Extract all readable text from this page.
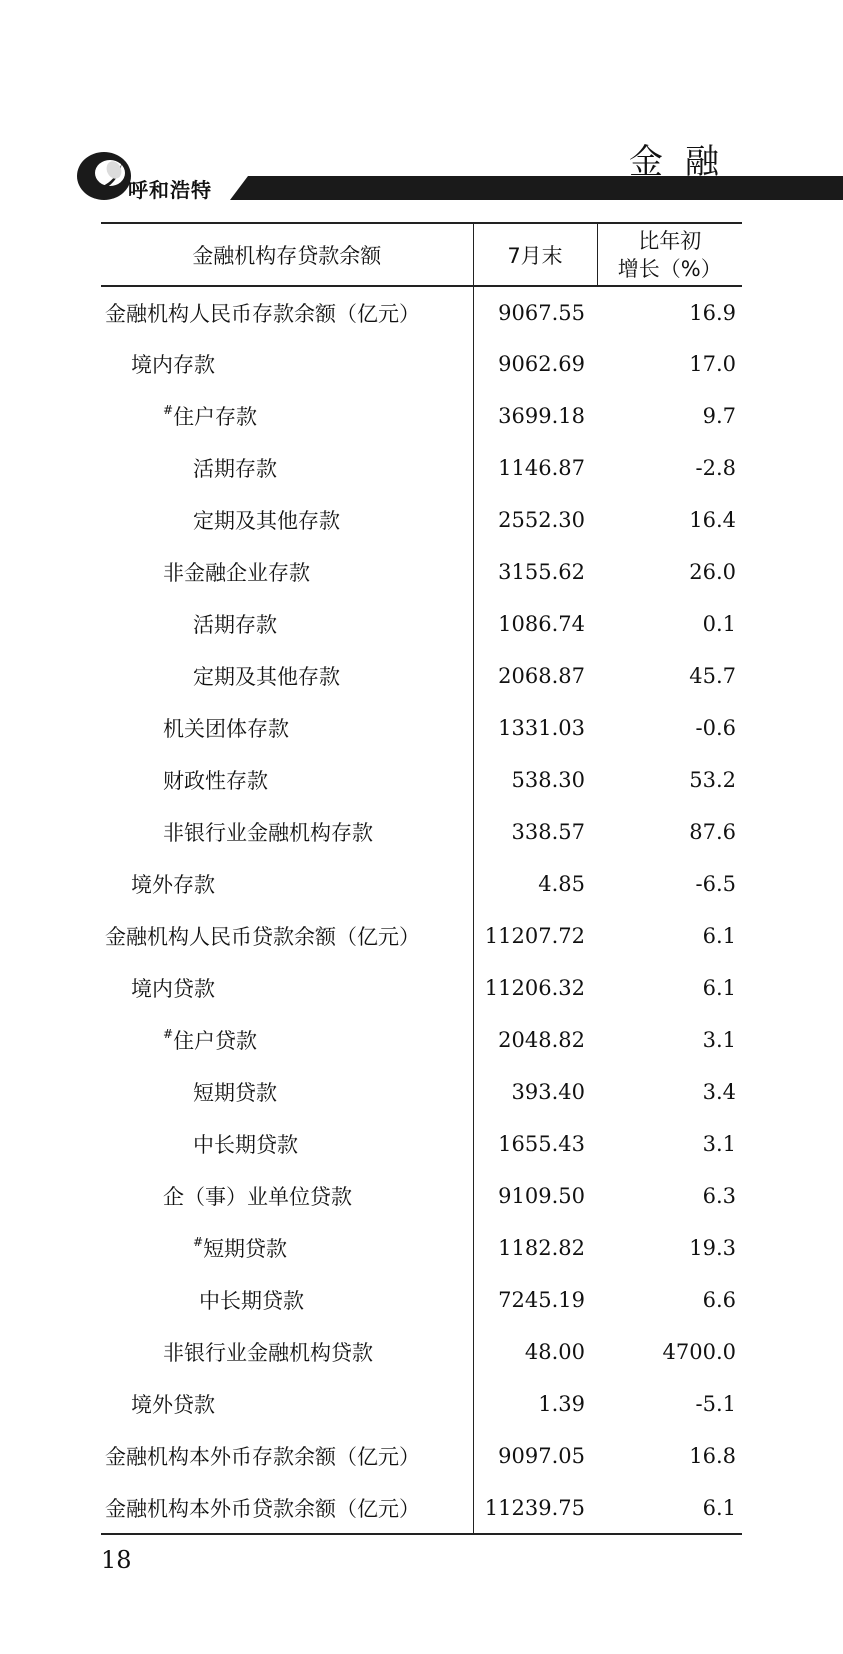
呼和浩特
金融
金融机构存贷款余额	7月末	比年初
增长（%）

金融机构人民币存款余额（亿元）	9067.55	16.9
境内存款	9062.69	17.0
#住户存款	3699.18	9.7
活期存款	1146.87	-2.8
定期及其他存款	2552.30	16.4
非金融企业存款	3155.62	26.0
活期存款	1086.74	0.1
定期及其他存款	2068.87	45.7
机关团体存款	1331.03	-0.6
财政性存款	538.30	53.2
非银行业金融机构存款	338.57	87.6
境外存款	4.85	-6.5
金融机构人民币贷款余额（亿元）	11207.72	6.1
境内贷款	11206.32	6.1
#住户贷款	2048.82	3.1
短期贷款	393.40	3.4
中长期贷款	1655.43	3.1
企（事）业单位贷款	9109.50	6.3
#短期贷款	1182.82	19.3
中长期贷款	7245.19	6.6
非银行业金融机构贷款	48.00	4700.0
境外贷款	1.39	-5.1
金融机构本外币存款余额（亿元）	9097.05	16.8
金融机构本外币贷款余额（亿元）	11239.75	6.1
18
